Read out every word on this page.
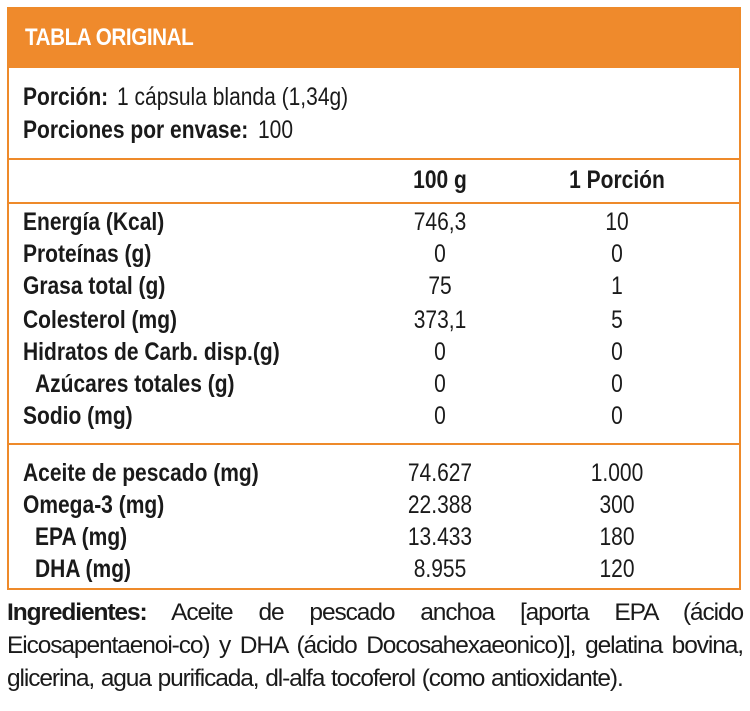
TABLA ORIGINAL
Porción: 1 cápsula blanda (1,34g)
Porciones por envase: 100
100 g	1 Porción
Energía (Kcal)	746,3	10
Proteínas (g)	0	0
Grasa total (g)	75	1
Colesterol (mg)	373,1	5
Hidratos de Carb. disp.(g)	0	0
Azúcares totales (g)	0	0
Sodio (mg)	0	0
Aceite de pescado (mg)	74.627	1.000
Omega-3 (mg)	22.388	300
EPA (mg)	13.433	180
DHA (mg)	8.955	120
Ingredientes: Aceite de pescado anchoa [aporta EPA (ácido Eicosapentaenoi-co) y DHA (ácido Docosahexaeonico)], gelatina bovina, glicerina, agua purificada, dl-alfa tocoferol (como antioxidante).
